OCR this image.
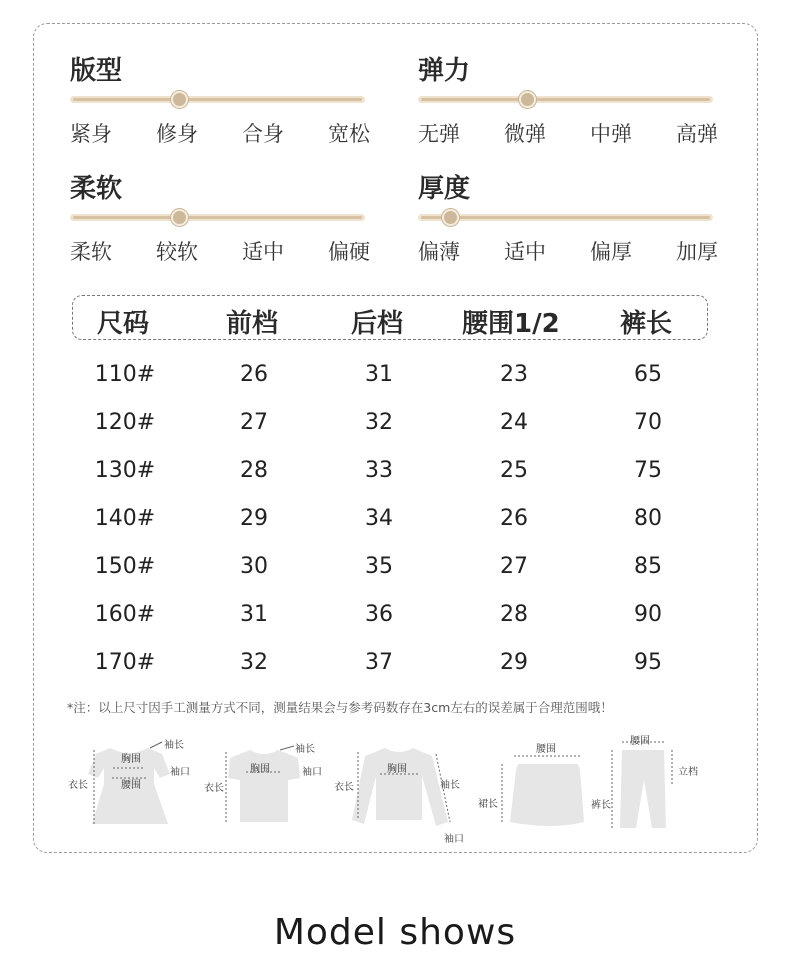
版型
紧身 修身 合身 宽松
弹力
无弹 微弹 中弹 高弹
柔软
柔软 较软 适中 偏硬
厚度
偏薄 适中 偏厚 加厚
尺码	前档	后档 腰围1/2 裤长
110#	26	31	23	65
120#	27	32	24	70
130#	28	33	25	75
140#	29	34	26	80
150#	30	35	27	85
160#	31	36	28	90
170#	32	37	29	95
*注：以上尺寸因手工测量方式不同，测量结果会与参考码数存在3cm左右的误差属于合理范围哦！
胸围
袖长
袖口
衣长	腰围
袖长
胸围	袖口
衣长
胸围
衣长	袖长
袖口
腰围
裙长
腰围
立档
裤长
Model shows
